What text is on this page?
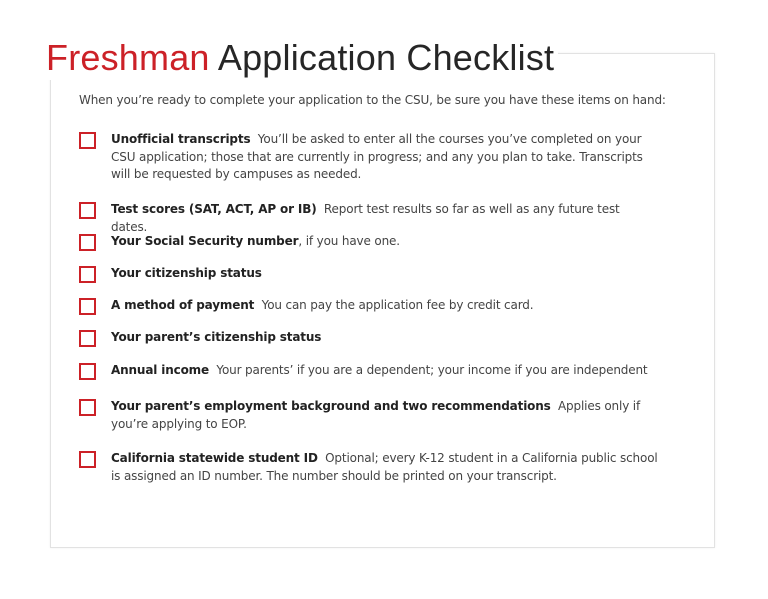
Freshman Application Checklist
When you’re ready to complete your application to the CSU, be sure you have these items on hand:
Unofficial transcripts You’ll be asked to enter all the courses you’ve completed on your CSU application; those that are currently in progress; and any you plan to take. Transcripts will be requested by campuses as needed.
Test scores (SAT, ACT, AP or IB) Report test results so far as well as any future test dates.
Your Social Security number, if you have one.
Your citizenship status
A method of payment You can pay the application fee by credit card.
Your parent’s citizenship status
Annual income Your parents’ if you are a dependent; your income if you are independent
Your parent’s employment background and two recommendations Applies only if you’re applying to EOP.
California statewide student ID Optional; every K-12 student in a California public school is assigned an ID number. The number should be printed on your transcript.
